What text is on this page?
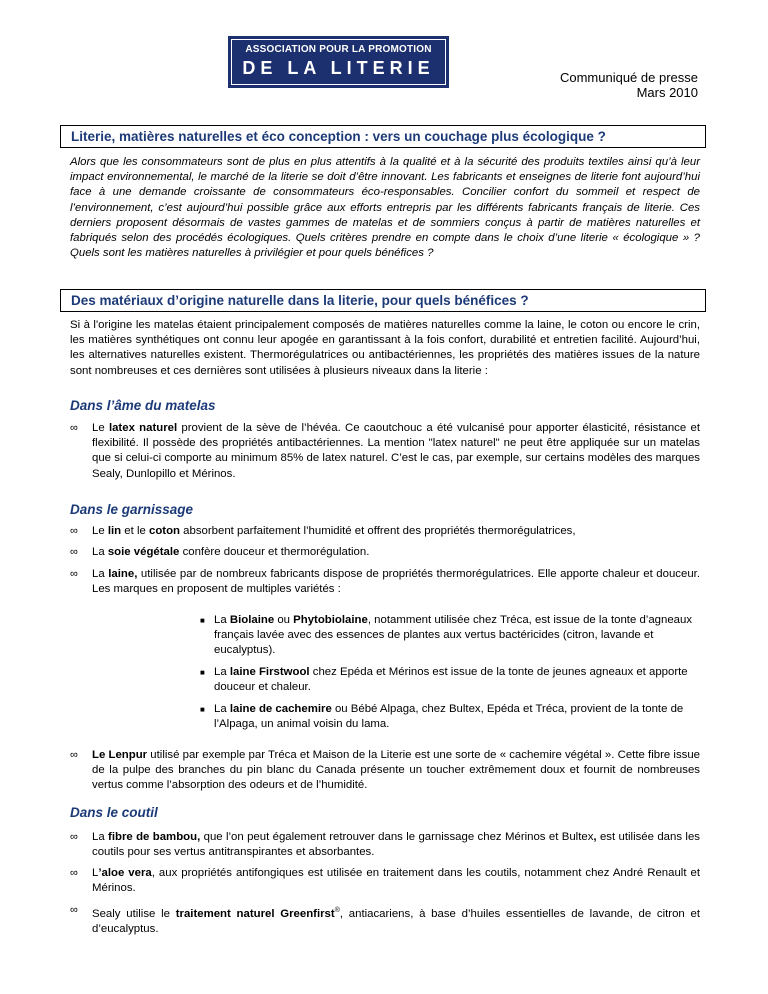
ASSOCIATION POUR LA PROMOTION
DE LA LITERIE	Communiqué de presse
Mars 2010
Literie, matières naturelles et éco conception : vers un couchage plus écologique ?

Alors que les consommateurs sont de plus en plus attentifs à la qualité et à la sécurité des produits textiles ainsi qu’à leur impact environnemental, le marché de la literie se doit d’être innovant. Les fabricants et enseignes de literie font aujourd’hui face à une demande croissante de consommateurs éco-responsables. Concilier confort du sommeil et respect de l’environnement, c’est aujourd’hui possible grâce aux efforts entrepris par les différents fabricants français de literie. Ces derniers proposent désormais de vastes gammes de matelas et de sommiers conçus à partir de matières naturelles et fabriqués selon des procédés écologiques. Quels critères prendre en compte dans le choix d’une literie « écologique » ? Quels sont les matières naturelles à privilégier et pour quels bénéfices ?

Des matériaux d’origine naturelle dans la literie, pour quels bénéfices ?

Si à l'origine les matelas étaient principalement composés de matières naturelles comme la laine, le coton ou encore le crin, les matières synthétiques ont connu leur apogée en garantissant à la fois confort, durabilité et entretien facilité. Aujourd’hui, les alternatives naturelles existent. Thermorégulatrices ou antibactériennes, les propriétés des matières issues de la nature sont nombreuses et ces dernières sont utilisées à plusieurs niveaux dans la literie :

Dans l’âme du matelas
∞ Le latex naturel provient de la sève de l’hévéa. Ce caoutchouc a été vulcanisé pour apporter élasticité, résistance et flexibilité. Il possède des propriétés antibactériennes. La mention "latex naturel" ne peut être appliquée sur un matelas que si celui-ci comporte au minimum 85% de latex naturel. C’est le cas, par exemple, sur certains modèles des marques Sealy, Dunlopillo et Mérinos.
Dans le garnissage
∞ Le lin et le coton absorbent parfaitement l’humidité et offrent des propriétés thermorégulatrices,
∞ La soie végétale confère douceur et thermorégulation.
∞ La laine, utilisée par de nombreux fabricants dispose de propriétés thermorégulatrices. Elle apporte chaleur et douceur. Les marques en proposent de multiples variétés :
■ La Biolaine ou Phytobiolaine, notamment utilisée chez Tréca, est issue de la tonte d’agneaux français lavée avec des essences de plantes aux vertus bactéricides (citron, lavande et eucalyptus).
■ La laine Firstwool chez Epéda et Mérinos est issue de la tonte de jeunes agneaux et apporte douceur et chaleur.
■ La laine de cachemire ou Bébé Alpaga, chez Bultex, Epéda et Tréca, provient de la tonte de l’Alpaga, un animal voisin du lama.
∞ Le Lenpur utilisé par exemple par Tréca et Maison de la Literie est une sorte de « cachemire végétal ». Cette fibre issue de la pulpe des branches du pin blanc du Canada présente un toucher extrêmement doux et fournit de nombreuses vertus comme l’absorption des odeurs et de l’humidité.
Dans le coutil
∞ La fibre de bambou, que l’on peut également retrouver dans le garnissage chez Mérinos et Bultex, est utilisée dans les coutils pour ses vertus antitranspirantes et absorbantes.
∞ L’aloe vera, aux propriétés antifongiques est utilisée en traitement dans les coutils, notamment chez André Renault et Mérinos.
∞ Sealy utilise le traitement naturel Greenfirst®, antiacariens, à base d’huiles essentielles de lavande, de citron et d’eucalyptus.
